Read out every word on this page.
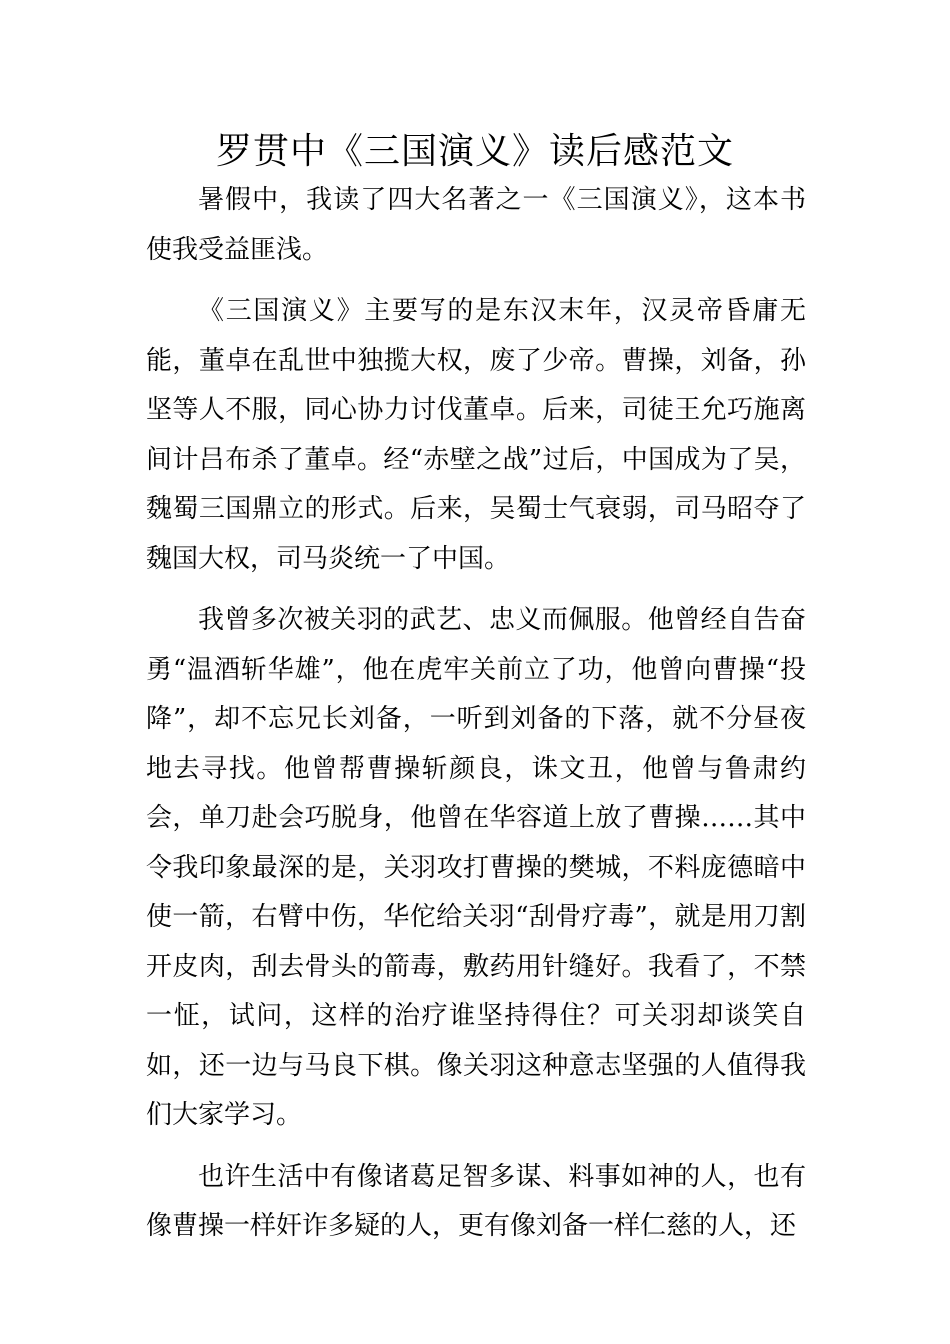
罗贯中《三国演义》读后感范文

暑假中，我读了四大名著之一《三国演义》，这本书使我受益匪浅。

《三国演义》主要写的是东汉末年，汉灵帝昏庸无能，董卓在乱世中独揽大权，废了少帝。曹操，刘备，孙坚等人不服，同心协力讨伐董卓。后来，司徒王允巧施离间计吕布杀了董卓。经“赤壁之战”过后，中国成为了吴，魏蜀三国鼎立的形式。后来，吴蜀士气衰弱，司马昭夺了魏国大权，司马炎统一了中国。

我曾多次被关羽的武艺、忠义而佩服。他曾经自告奋勇“温酒斩华雄”，他在虎牢关前立了功，他曾向曹操“投降”，却不忘兄长刘备，一听到刘备的下落，就不分昼夜地去寻找。他曾帮曹操斩颜良，诛文丑，他曾与鲁肃约会，单刀赴会巧脱身，他曾在华容道上放了曹操……其中令我印象最深的是，关羽攻打曹操的樊城，不料庞德暗中使一箭，右臂中伤，华佗给关羽“刮骨疗毒”，就是用刀割开皮肉，刮去骨头的箭毒，敷药用针缝好。我看了，不禁一怔，试问，这样的治疗谁坚持得住？可关羽却谈笑自如，还一边与马良下棋。像关羽这种意志坚强的人值得我们大家学习。

也许生活中有像诸葛足智多谋、料事如神的人，也有像曹操一样奸诈多疑的人，更有像刘备一样仁慈的人，还
